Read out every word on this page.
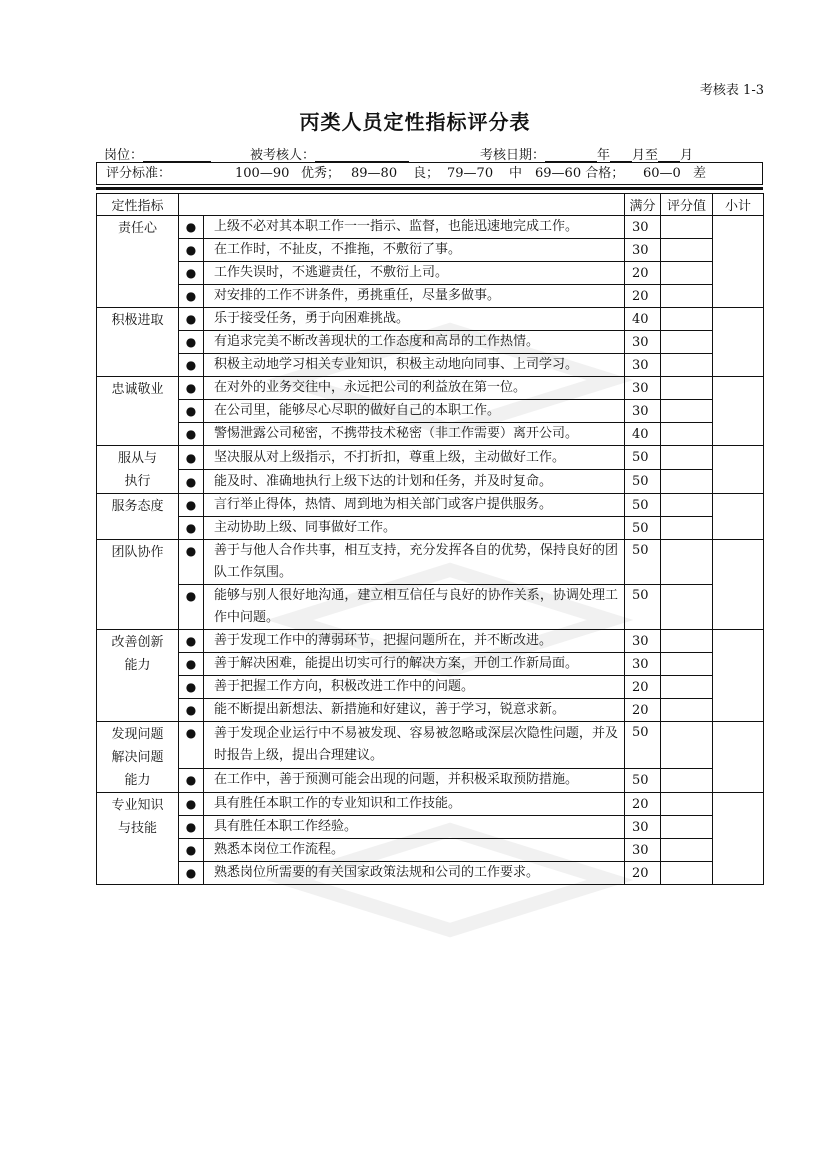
考核表 1-3
丙类人员定性指标评分表
岗位：	被考核人：	考核日期：	年 月至 月
评分标准：	100—90 优秀； 89—80 良； 79—70 中 69—60 合格； 60—0 差
定性指标			满分	评分值	小计
责任心	●	上级不必对其本职工作一一指示、监督，也能迅速地完成工作。	30		
	●	在工作时，不扯皮，不推拖，不敷衍了事。	30		
	●	工作失误时，不逃避责任，不敷衍上司。	20		
	●	对安排的工作不讲条件，勇挑重任，尽量多做事。	20		
积极进取	●	乐于接受任务，勇于向困难挑战。	40		
	●	有追求完美不断改善现状的工作态度和高昂的工作热情。	30		
	●	积极主动地学习相关专业知识，积极主动地向同事、上司学习。	30		
忠诚敬业	●	在对外的业务交往中，永远把公司的利益放在第一位。	30		
	●	在公司里，能够尽心尽职的做好自己的本职工作。	30		
	●	警惕泄露公司秘密，不携带技术秘密（非工作需要）离开公司。	40		
服从与
执行	●	坚决服从对上级指示，不打折扣，尊重上级，主动做好工作。	50		
	●	能及时、准确地执行上级下达的计划和任务，并及时复命。	50		
服务态度	●	言行举止得体，热情、周到地为相关部门或客户提供服务。	50		
	●	主动协助上级、同事做好工作。	50		
团队协作	●	善于与他人合作共事，相互支持，充分发挥各自的优势，保持良好的团队工作氛围。	50		
	●	能够与别人很好地沟通，建立相互信任与良好的协作关系，协调处理工作中问题。	50		
改善创新
能力	●	善于发现工作中的薄弱环节，把握问题所在，并不断改进。	30		
	●	善于解决困难，能提出切实可行的解决方案，开创工作新局面。	30		
	●	善于把握工作方向，积极改进工作中的问题。	20		
	●	能不断提出新想法、新措施和好建议，善于学习，锐意求新。	20		
发现问题
解决问题
能力	●	善于发现企业运行中不易被发现、容易被忽略或深层次隐性问题，并及时报告上级，提出合理建议。	50		
	●	在工作中，善于预测可能会出现的问题，并积极采取预防措施。	50		
专业知识
与技能	●	具有胜任本职工作的专业知识和工作技能。	20		
	●	具有胜任本职工作经验。	30		
	●	熟悉本岗位工作流程。	30		
	●	熟悉岗位所需要的有关国家政策法规和公司的工作要求。	20		
